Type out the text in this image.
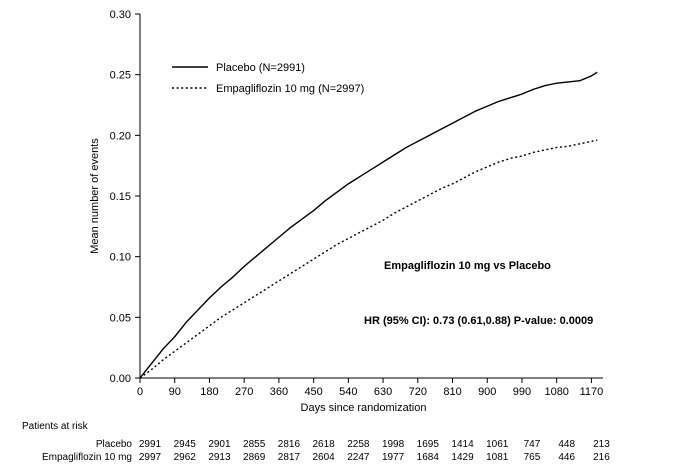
0.00
0.05
0.10
0.15
0.20
0.25
0.30
0 90 180 270 360 450 540 630 720 810 900 990 1080 1170
Mean number of events
Days since randomization
Placebo (N=2991)
Empagliflozin 10 mg (N=2997)
Empagliflozin 10 mg vs Placebo
HR (95% CI): 0.73 (0.61,0.88) P-value: 0.0009
Patients at risk
Placebo 2991 2945 2901 2855 2816 2618 2258 1998 1695 1414 1061 747 448 213
Empagliflozin 10 mg 2997 2962 2913 2869 2817 2604 2247 1977 1684 1429 1081 765 446 216
